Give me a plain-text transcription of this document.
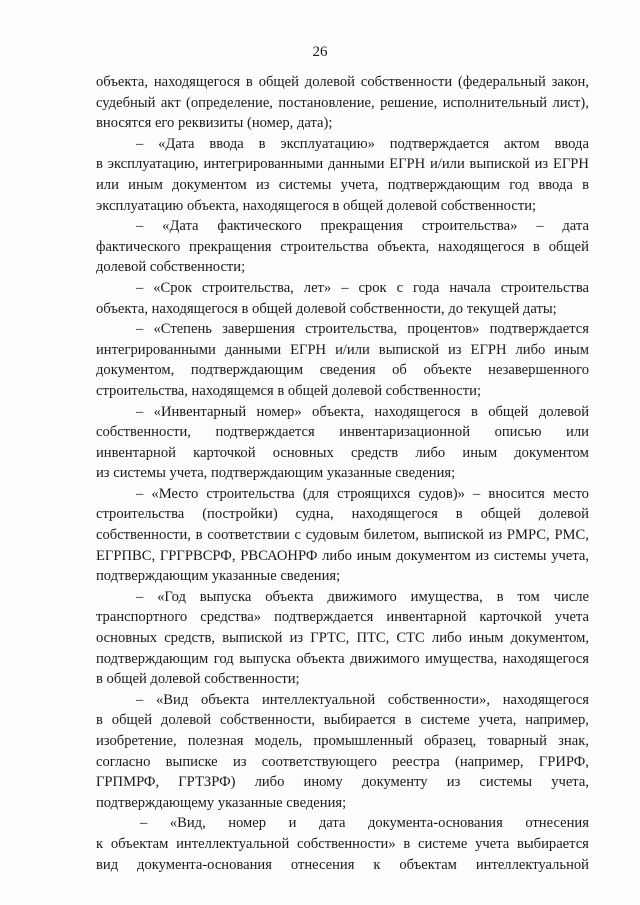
26
объекта, находящегося в общей долевой собственности (федеральный закон,
судебный акт (определение, постановление, решение, исполнительный лист),
вносятся его реквизиты (номер, дата);
– «Дата ввода в эксплуатацию» подтверждается актом ввода
в эксплуатацию, интегрированными данными ЕГРН и/или выпиской из ЕГРН
или иным документом из системы учета, подтверждающим год ввода в
эксплуатацию объекта, находящегося в общей долевой собственности;
– «Дата фактического прекращения строительства» – дата
фактического прекращения строительства объекта, находящегося в общей
долевой собственности;
– «Срок строительства, лет» – срок с года начала строительства
объекта, находящегося в общей долевой собственности, до текущей даты;
– «Степень завершения строительства, процентов» подтверждается
интегрированными данными ЕГРН и/или выпиской из ЕГРН либо иным
документом, подтверждающим сведения об объекте незавершенного
строительства, находящемся в общей долевой собственности;
– «Инвентарный номер» объекта, находящегося в общей долевой
собственности, подтверждается инвентаризационной описью или
инвентарной карточкой основных средств либо иным документом
из системы учета, подтверждающим указанные сведения;
– «Место строительства (для строящихся судов)» – вносится место
строительства (постройки) судна, находящегося в общей долевой
собственности, в соответствии с судовым билетом, выпиской из РМРС, РМС,
ЕГРПВС, ГРГРВСРФ, РВСАОНРФ либо иным документом из системы учета,
подтверждающим указанные сведения;
– «Год выпуска объекта движимого имущества, в том числе
транспортного средства» подтверждается инвентарной карточкой учета
основных средств, выпиской из ГРТС, ПТС, СТС либо иным документом,
подтверждающим год выпуска объекта движимого имущества, находящегося
в общей долевой собственности;
– «Вид объекта интеллектуальной собственности», находящегося
в общей долевой собственности, выбирается в системе учета, например,
изобретение, полезная модель, промышленный образец, товарный знак,
согласно выписке из соответствующего реестра (например, ГРИРФ,
ГРПМРФ, ГРТЗРФ) либо иному документу из системы учета,
подтверждающему указанные сведения;
– «Вид, номер и дата документа-основания отнесения
к объектам интеллектуальной собственности» в системе учета выбирается
вид документа-основания отнесения к объектам интеллектуальной
